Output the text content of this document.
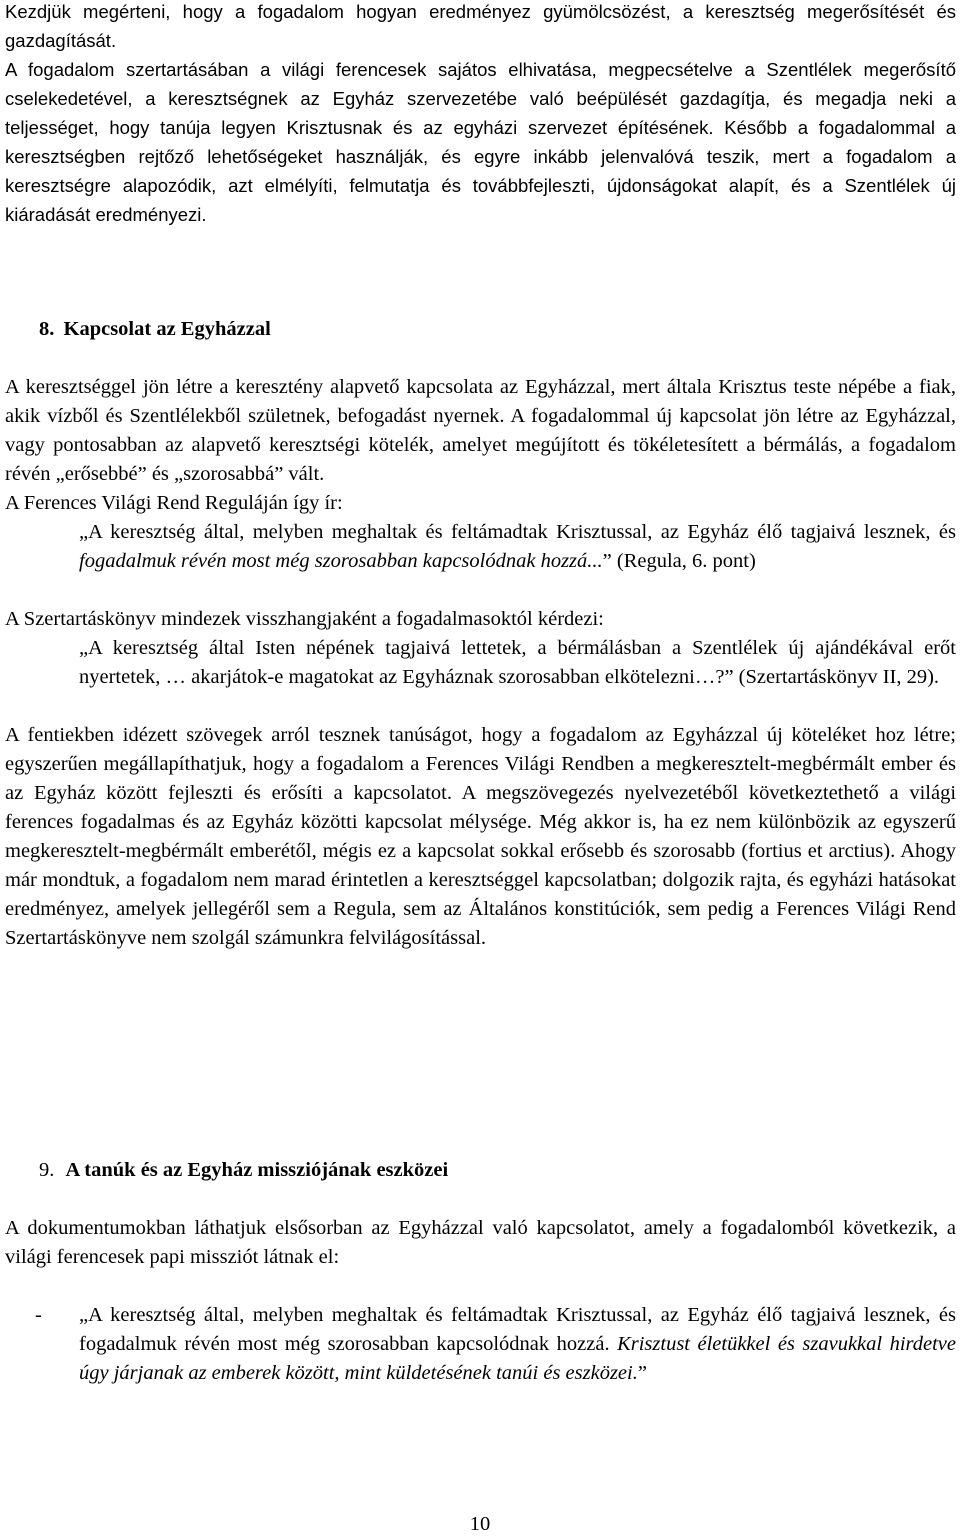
Kezdjük megérteni, hogy a fogadalom hogyan eredményez gyümölcsözést, a keresztség megerősítését és gazdagítását.

A fogadalom szertartásában a világi ferencesek sajátos elhivatása, megpecsételve a Szentlélek megerősítő cselekedetével, a keresztségnek az Egyház szervezetébe való beépülését gazdagítja, és megadja neki a teljességet, hogy tanúja legyen Krisztusnak és az egyházi szervezet építésének. Később a fogadalommal a keresztségben rejtőző lehetőségeket használják, és egyre inkább jelenvalóvá teszik, mert a fogadalom a keresztségre alapozódik, azt elmélyíti, felmutatja és továbbfejleszti, újdonságokat alapít, és a Szentlélek új kiáradását eredményezi.

8. Kapcsolat az Egyházzal

A keresztséggel jön létre a keresztény alapvető kapcsolata az Egyházzal, mert általa Krisztus teste népébe a fiak, akik vízből és Szentlélekből születnek, befogadást nyernek. A fogadalommal új kapcsolat jön létre az Egyházzal, vagy pontosabban az alapvető keresztségi kötelék, amelyet megújított és tökéletesített a bérmálás, a fogadalom révén „erősebbé” és „szorosabbá” vált.

A Ferences Világi Rend Reguláján így ír:

„A keresztség által, melyben meghaltak és feltámadtak Krisztussal, az Egyház élő tagjaivá lesznek, és fogadalmuk révén most még szorosabban kapcsolódnak hozzá...” (Regula, 6. pont)

A Szertartáskönyv mindezek visszhangjaként a fogadalmasoktól kérdezi:

„A keresztség által Isten népének tagjaivá lettetek, a bérmálásban a Szentlélek új ajándékával erőt nyertetek, … akarjátok-e magatokat az Egyháznak szorosabban elkötelezni…?” (Szertartáskönyv II, 29).

A fentiekben idézett szövegek arról tesznek tanúságot, hogy a fogadalom az Egyházzal új köteléket hoz létre; egyszerűen megállapíthatjuk, hogy a fogadalom a Ferences Világi Rendben a megkeresztelt-megbérmált ember és az Egyház között fejleszti és erősíti a kapcsolatot. A megszövegezés nyelvezetéből következtethető a világi ferences fogadalmas és az Egyház közötti kapcsolat mélysége. Még akkor is, ha ez nem különbözik az egyszerű megkeresztelt-megbérmált emberétől, mégis ez a kapcsolat sokkal erősebb és szorosabb (fortius et arctius). Ahogy már mondtuk, a fogadalom nem marad érintetlen a keresztséggel kapcsolatban; dolgozik rajta, és egyházi hatásokat eredményez, amelyek jellegéről sem a Regula, sem az Általános konstitúciók, sem pedig a Ferences Világi Rend Szertartáskönyve nem szolgál számunkra felvilágosítással.

9. A tanúk és az Egyház missziójának eszközei

A dokumentumokban láthatjuk elsősorban az Egyházzal való kapcsolatot, amely a fogadalomból következik, a világi ferencesek papi missziót látnak el:

- „A keresztség által, melyben meghaltak és feltámadtak Krisztussal, az Egyház élő tagjaivá lesznek, és fogadalmuk révén most még szorosabban kapcsolódnak hozzá. Krisztust életükkel és szavukkal hirdetve úgy járjanak az emberek között, mint küldetésének tanúi és eszközei.”
10
